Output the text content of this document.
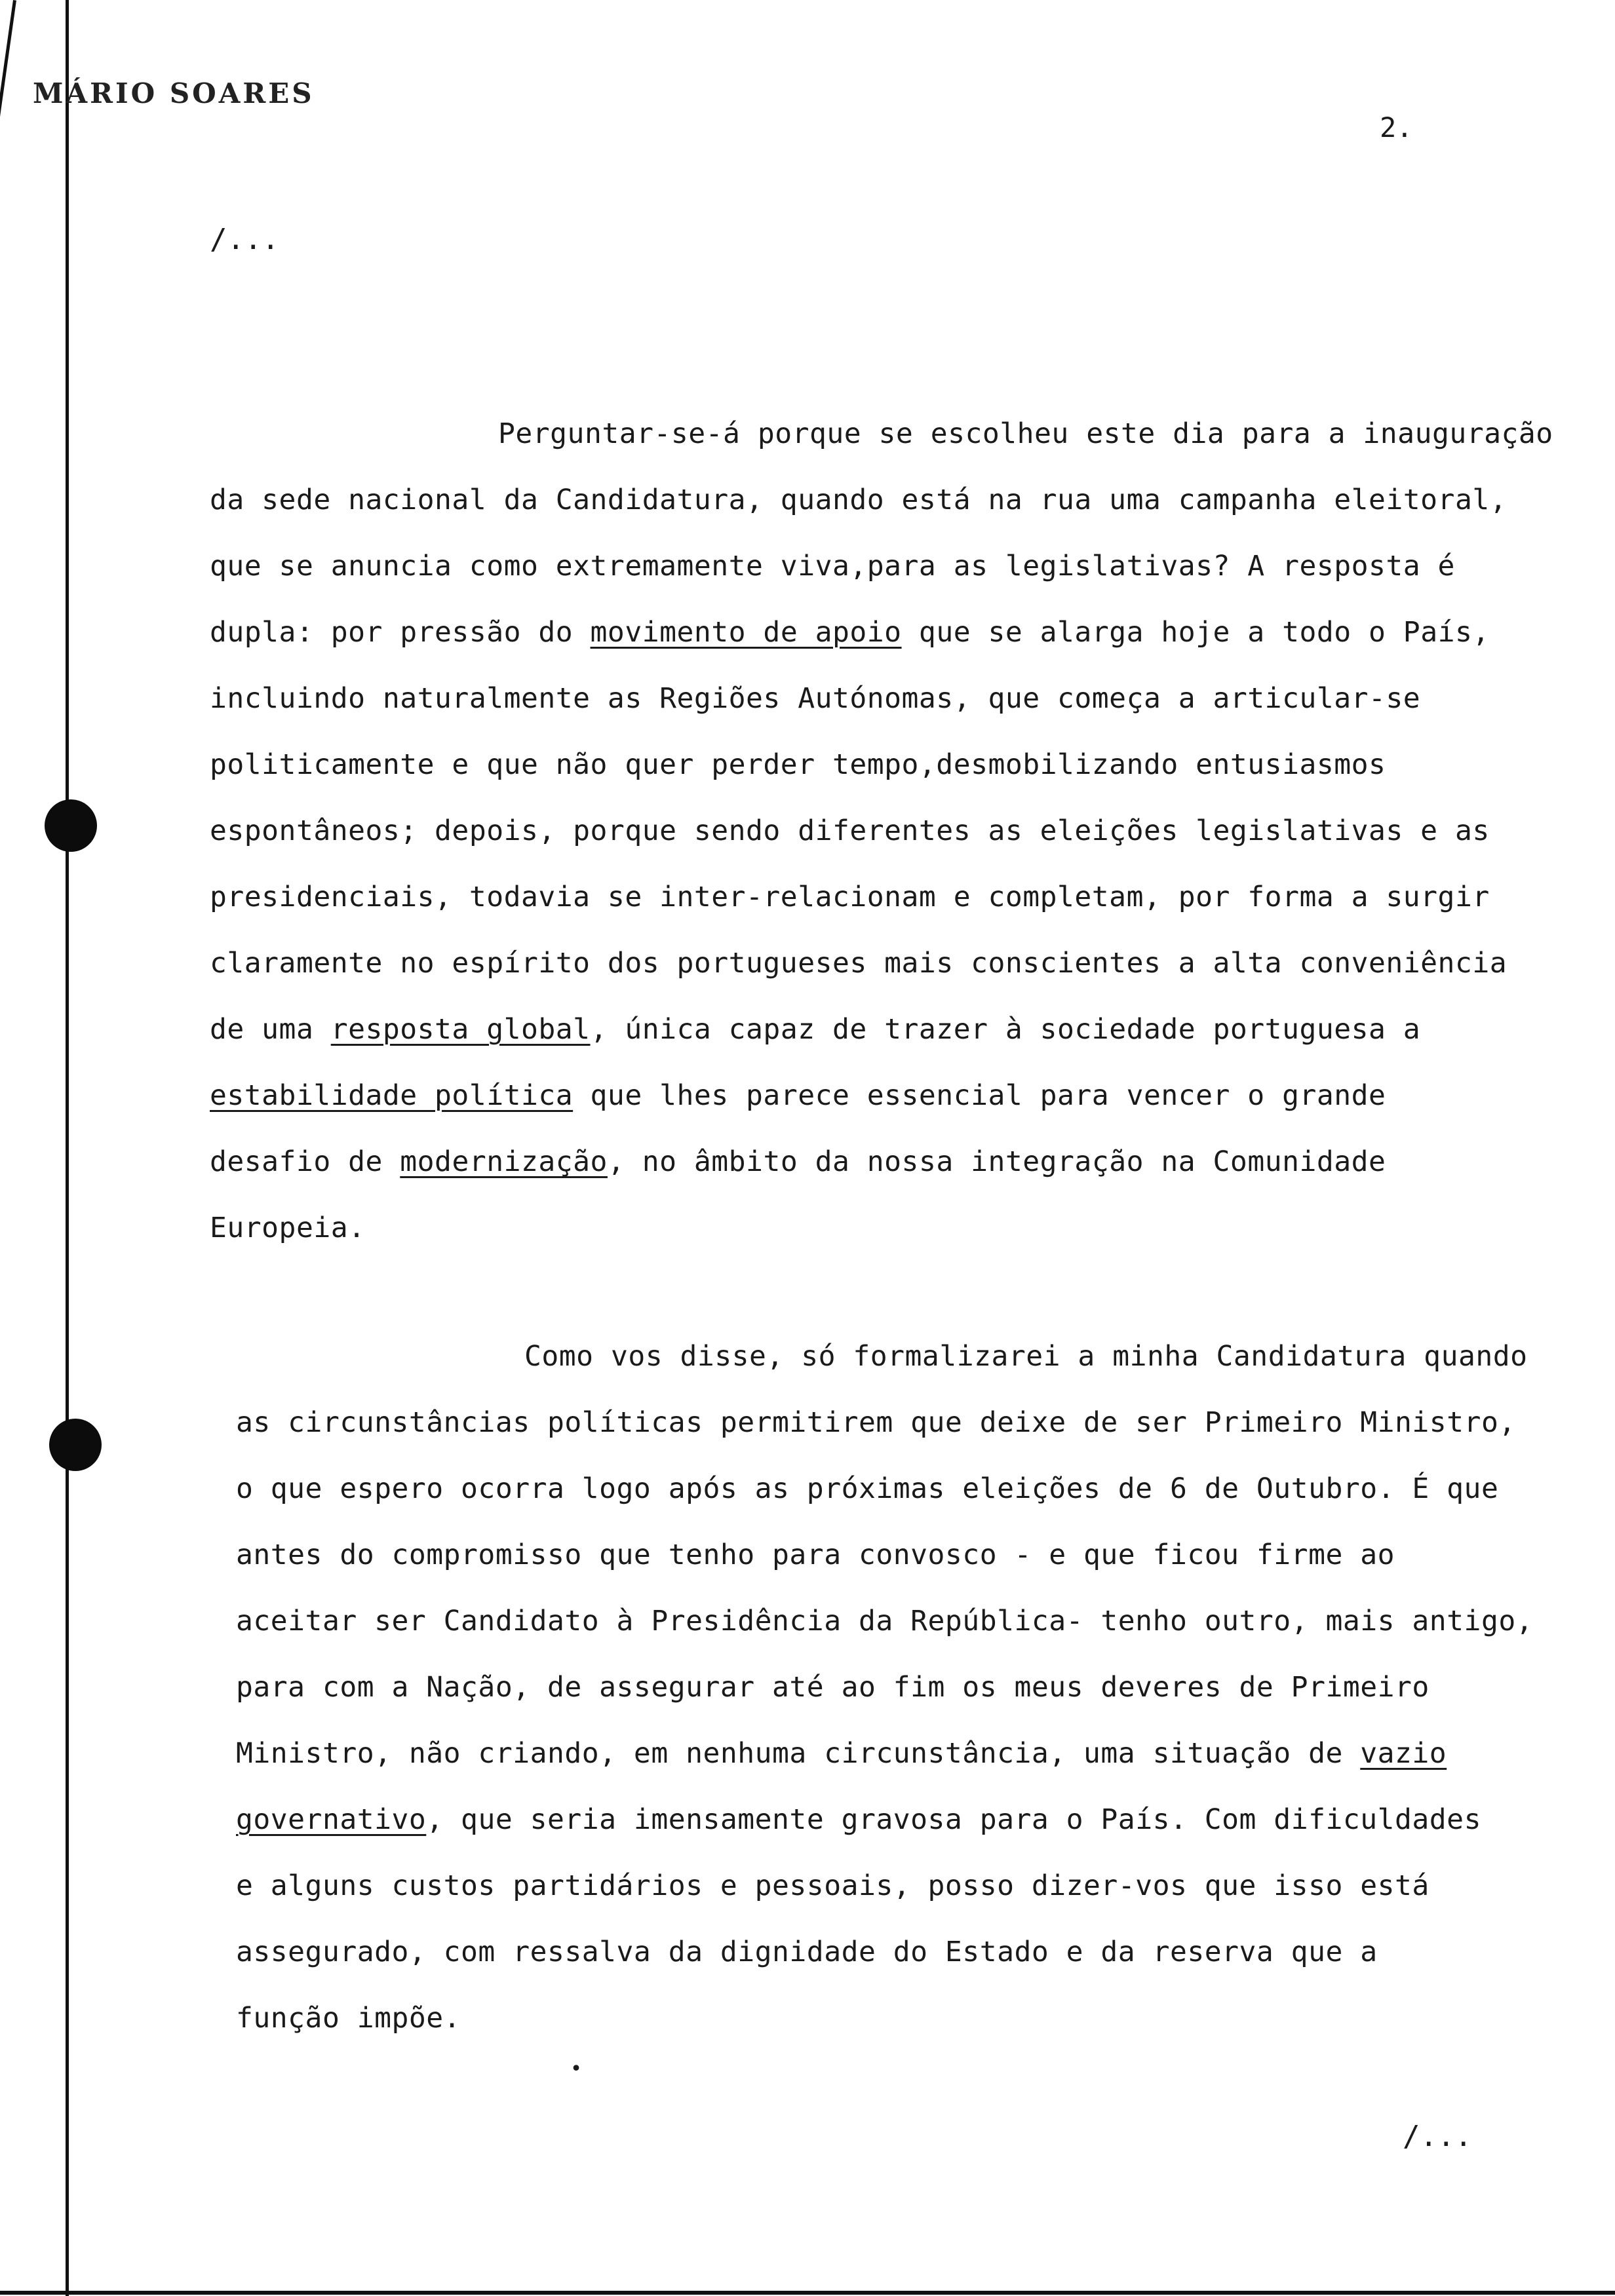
MÁRIO SOARES
2.
/...
Perguntar-se-á porque se escolheu este dia para a inauguração
da sede nacional da Candidatura, quando está na rua uma campanha eleitoral,
que se anuncia como extremamente viva,para as legislativas? A resposta é
dupla: por pressão do movimento de apoio que se alarga hoje a todo o País,
incluindo naturalmente as Regiões Autónomas, que começa a articular-se
politicamente e que não quer perder tempo,desmobilizando entusiasmos
espontâneos; depois, porque sendo diferentes as eleições legislativas e as
presidenciais, todavia se inter-relacionam e completam, por forma a surgir
claramente no espírito dos portugueses mais conscientes a alta conveniência
de uma resposta global, única capaz de trazer à sociedade portuguesa a
estabilidade política que lhes parece essencial para vencer o grande
desafio de modernização, no âmbito da nossa integração na Comunidade
Europeia.
Como vos disse, só formalizarei a minha Candidatura quando
as circunstâncias políticas permitirem que deixe de ser Primeiro Ministro,
o que espero ocorra logo após as próximas eleições de 6 de Outubro. É que
antes do compromisso que tenho para convosco - e que ficou firme ao
aceitar ser Candidato à Presidência da República- tenho outro, mais antigo,
para com a Nação, de assegurar até ao fim os meus deveres de Primeiro
Ministro, não criando, em nenhuma circunstância, uma situação de vazio
governativo, que seria imensamente gravosa para o País. Com dificuldades
e alguns custos partidários e pessoais, posso dizer-vos que isso está
assegurado, com ressalva da dignidade do Estado e da reserva que a
função impõe.
•
/...
